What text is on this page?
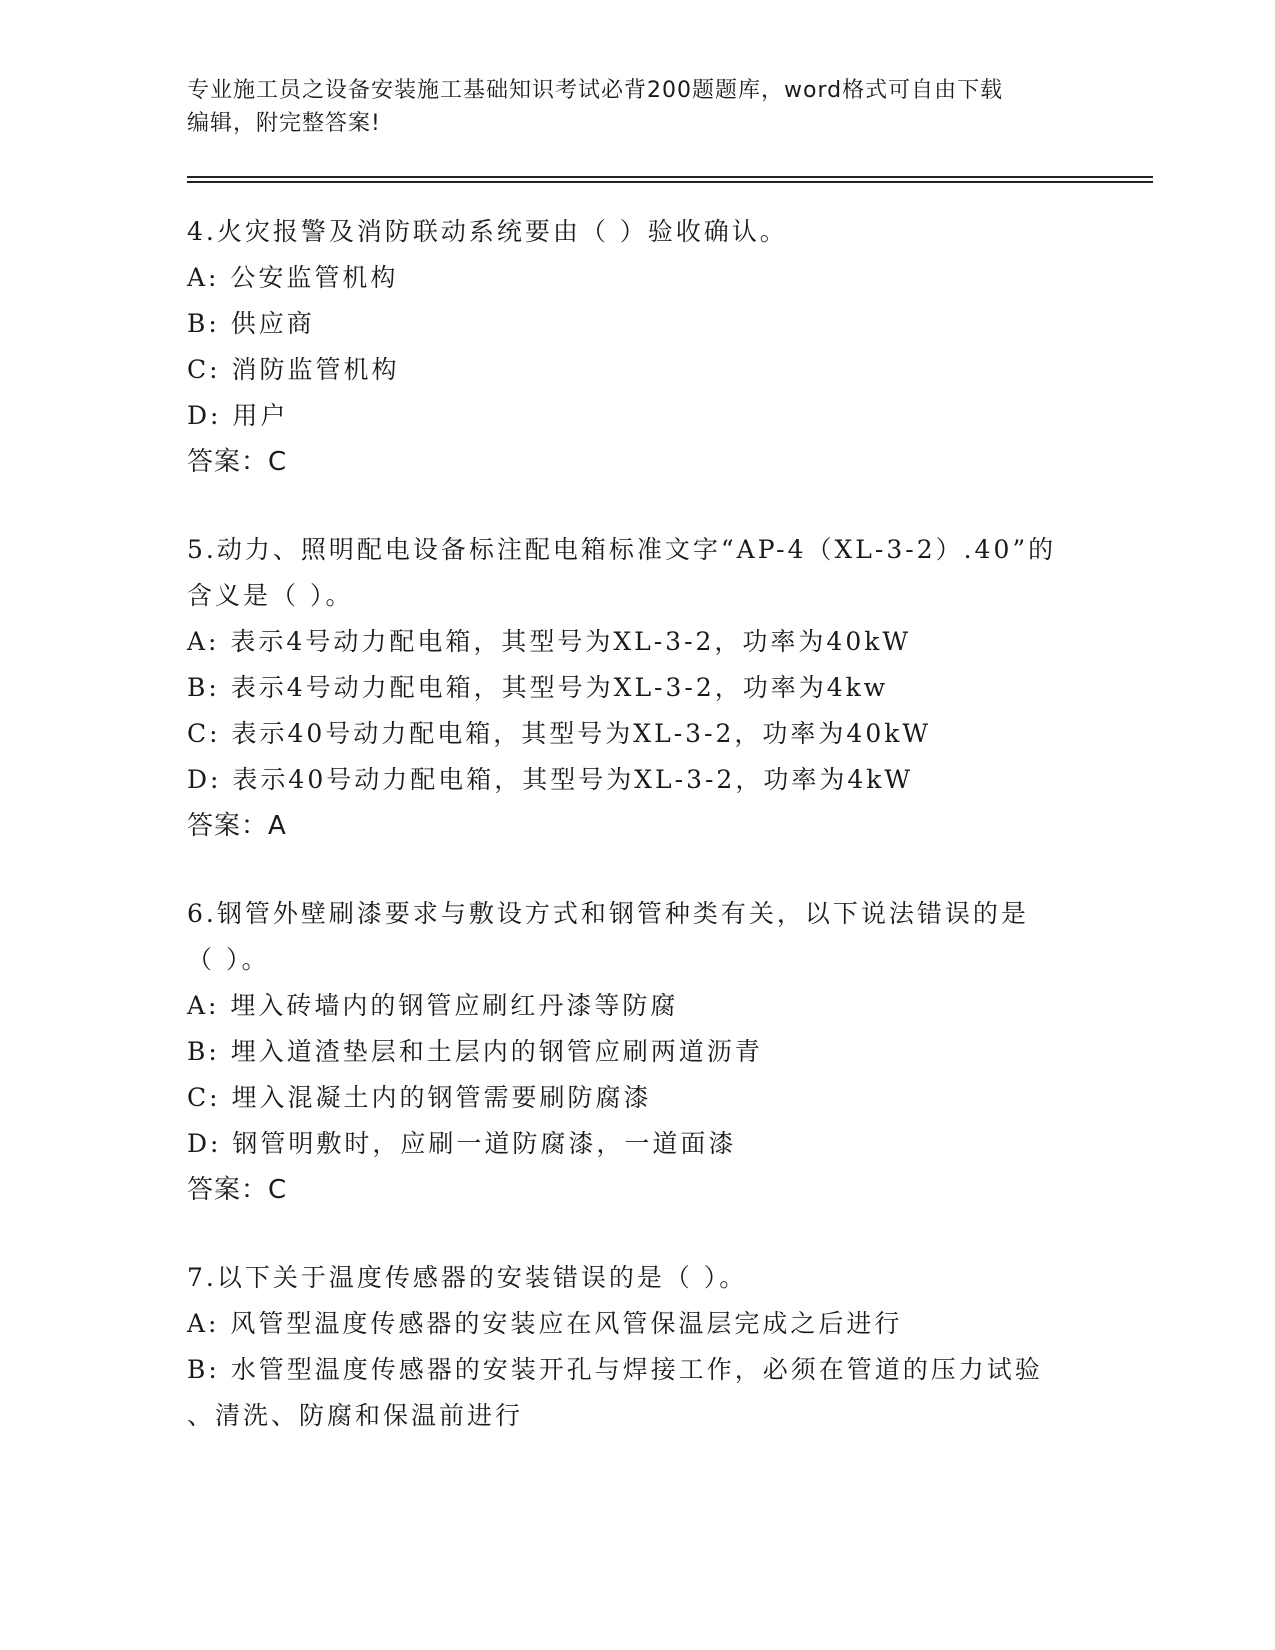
专业施工员之设备安装施工基础知识考试必背200题题库，word格式可自由下载
编辑，附完整答案!
4.火灾报警及消防联动系统要由（ ）验收确认。
A: 公安监管机构
B: 供应商
C: 消防监管机构
D: 用户
答案：C
5.动力、照明配电设备标注配电箱标准文字“AP-4（XL-3-2）.40”的
含义是（ ）。
A: 表示4号动力配电箱，其型号为XL-3-2，功率为40kW
B: 表示4号动力配电箱，其型号为XL-3-2，功率为4kw
C: 表示40号动力配电箱，其型号为XL-3-2，功率为40kW
D: 表示40号动力配电箱，其型号为XL-3-2，功率为4kW
答案：A
6.钢管外壁刷漆要求与敷设方式和钢管种类有关，以下说法错误的是
（ ）。
A: 埋入砖墙内的钢管应刷红丹漆等防腐
B: 埋入道渣垫层和土层内的钢管应刷两道沥青
C: 埋入混凝土内的钢管需要刷防腐漆
D: 钢管明敷时，应刷一道防腐漆，一道面漆
答案：C
7.以下关于温度传感器的安装错误的是（ ）。
A: 风管型温度传感器的安装应在风管保温层完成之后进行
B: 水管型温度传感器的安装开孔与焊接工作，必须在管道的压力试验
、清洗、防腐和保温前进行
